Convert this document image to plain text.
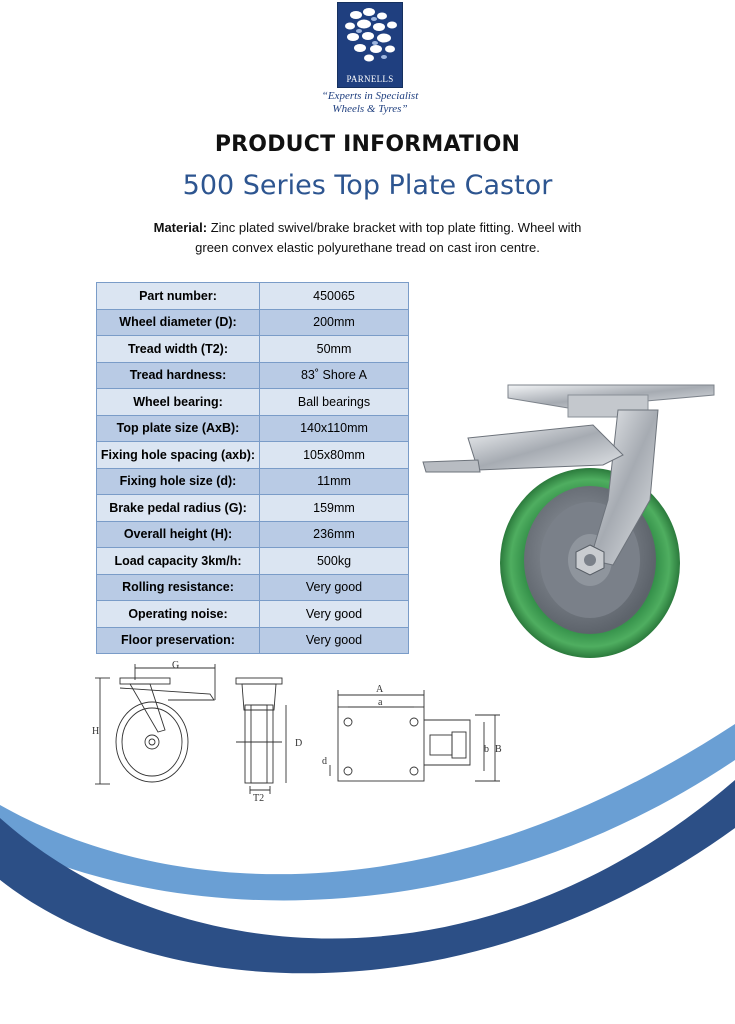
PARNELLS
“Experts in Specialist
Wheels & Tyres”
PRODUCT INFORMATION
500 Series Top Plate Castor
Material: Zinc plated swivel/brake bracket with top plate fitting. Wheel with green convex elastic polyurethane tread on cast iron centre.
Part number:	450065
Wheel diameter (D):	200mm
Tread width (T2):	50mm
Tread hardness:	83˚ Shore A
Wheel bearing:	Ball bearings
Top plate size (AxB):	140x110mm
Fixing hole spacing (axb):	105x80mm
Fixing hole size (d):	11mm
Brake pedal radius (G):	159mm
Overall height (H):	236mm
Load capacity 3km/h:	500kg
Rolling resistance:	Very good
Operating noise:	Very good
Floor preservation:	Very good
G
H
D
T2
A
a
b B
d
